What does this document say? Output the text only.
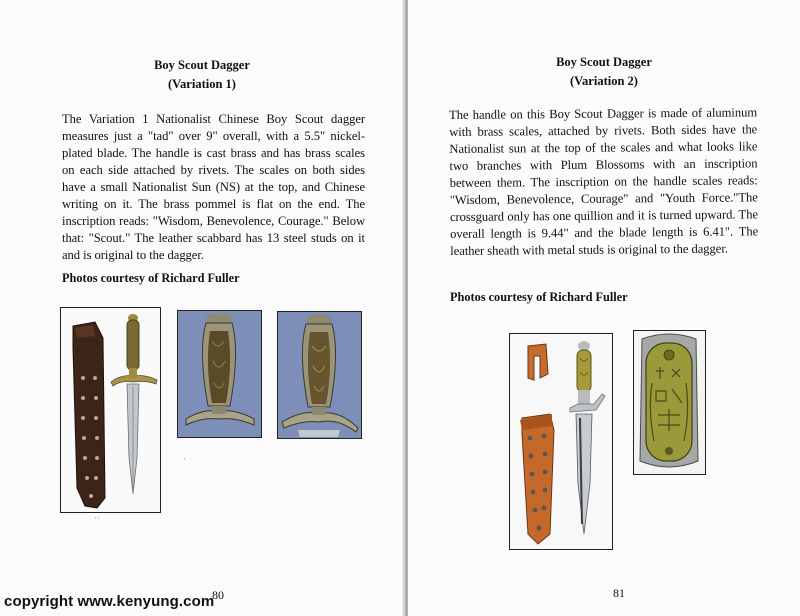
Boy Scout Dagger
(Variation 1)

The Variation 1 Nationalist Chinese Boy Scout dagger measures just a "tad" over 9" overall, with a 5.5" nickel-plated blade. The handle is cast brass and has brass scales on each side attached by rivets. The scales on both sides have a small Nationalist Sun (NS) at the top, and Chinese writing on it. The brass pommel is flat on the end. The inscription reads: "Wisdom, Benevolence, Courage." Below that: "Scout." The leather scabbard has 13 steel studs on it and is original to the dagger.

Photos courtesy of Richard Fuller
·
··
80
Boy Scout Dagger
(Variation 2)

The handle on this Boy Scout Dagger is made of aluminum with brass scales, attached by rivets. Both sides have the Nationalist sun at the top of the scales and what looks like two branches with Plum Blossoms with an inscription between them. The inscription on the handle scales reads: "Wisdom, Benevolence, Courage" and "Youth Force."The crossguard only has one quillion and it is turned upward. The overall length is 9.44" and the blade length is 6.41". The leather sheath with metal studs is original to the dagger.

Photos courtesy of Richard Fuller
81
copyright www.kenyung.com
